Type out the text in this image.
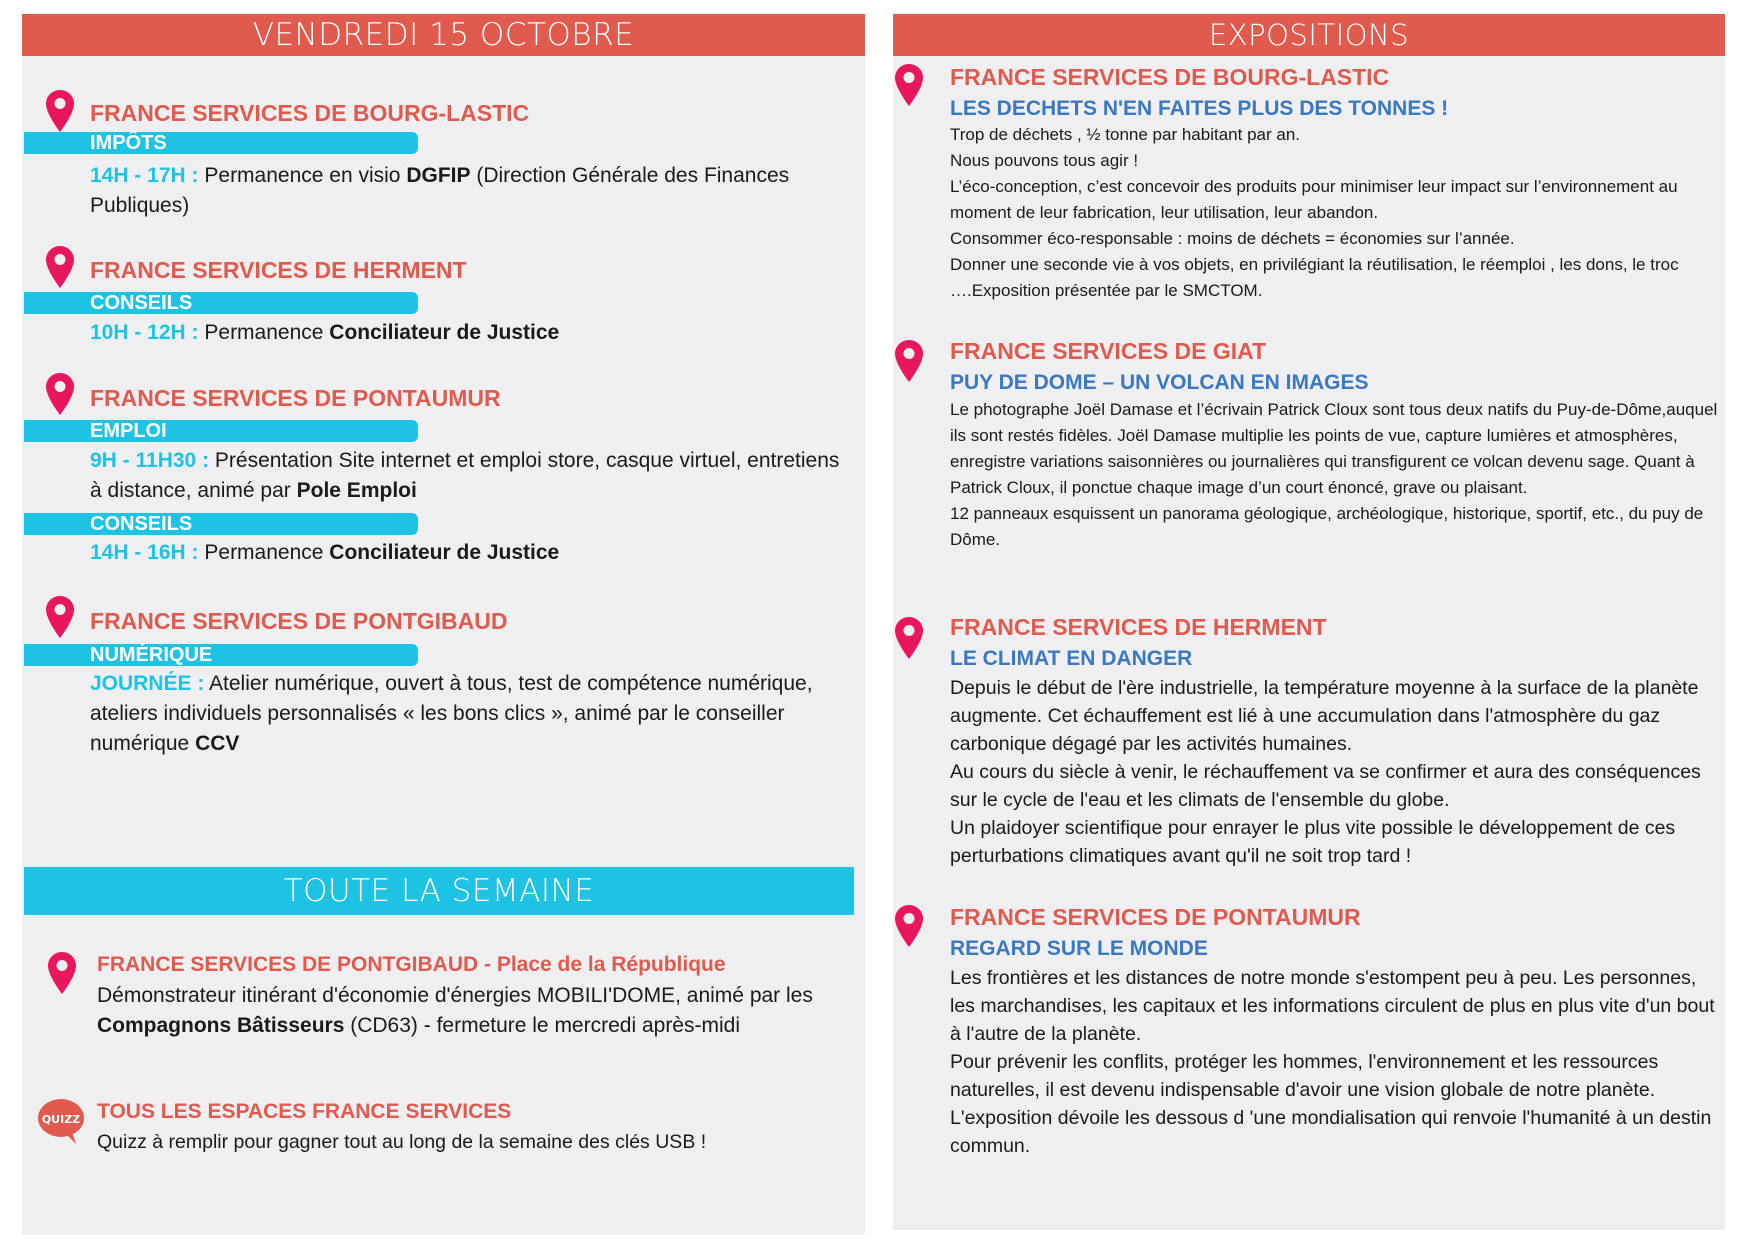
VENDREDI 15 OCTOBRE
FRANCE SERVICES DE BOURG-LASTIC
IMPÔTS
14H - 17H : Permanence en visio DGFIP (Direction Générale des Finances Publiques)
FRANCE SERVICES DE HERMENT
CONSEILS
10H - 12H : Permanence Conciliateur de Justice
FRANCE SERVICES DE PONTAUMUR
EMPLOI
9H - 11H30 : Présentation Site internet et emploi store, casque virtuel, entretiens à distance, animé par Pole Emploi
CONSEILS
14H - 16H : Permanence Conciliateur de Justice
FRANCE SERVICES DE PONTGIBAUD
NUMÉRIQUE
JOURNÉE : Atelier numérique, ouvert à tous, test de compétence numérique, ateliers individuels personnalisés « les bons clics », animé par le conseiller numérique CCV
TOUTE LA SEMAINE
FRANCE SERVICES DE PONTGIBAUD - Place de la République
Démonstrateur itinérant d'économie d'énergies MOBILI'DOME, animé par les Compagnons Bâtisseurs (CD63) - fermeture le mercredi après-midi
QUIZZ TOUS LES ESPACES FRANCE SERVICES
Quizz à remplir pour gagner tout au long de la semaine des clés USB !
EXPOSITIONS
FRANCE SERVICES DE BOURG-LASTIC
LES DECHETS N'EN FAITES PLUS DES TONNES !

Trop de déchets , ½ tonne par habitant par an.

Nous pouvons tous agir !

L’éco-conception, c’est concevoir des produits pour minimiser leur impact sur l’environnement au moment de leur fabrication, leur utilisation, leur abandon.

Consommer éco-responsable : moins de déchets = économies sur l’année.

Donner une seconde vie à vos objets, en privilégiant la réutilisation, le réemploi , les dons, le troc ….Exposition présentée par le SMCTOM.

FRANCE SERVICES DE GIAT
PUY DE DOME – UN VOLCAN EN IMAGES

Le photographe Joël Damase et l’écrivain Patrick Cloux sont tous deux natifs du Puy-de-Dôme,auquel ils sont restés fidèles. Joël Damase multiplie les points de vue, capture lumières et atmosphères, enregistre variations saisonnières ou journalières qui transfigurent ce volcan devenu sage. Quant à Patrick Cloux, il ponctue chaque image d’un court énoncé, grave ou plaisant.

12 panneaux esquissent un panorama géologique, archéologique, historique, sportif, etc., du puy de Dôme.

FRANCE SERVICES DE HERMENT
LE CLIMAT EN DANGER

Depuis le début de l'ère industrielle, la température moyenne à la surface de la planète augmente. Cet échauffement est lié à une accumulation dans l'atmosphère du gaz carbonique dégagé par les activités humaines.

Au cours du siècle à venir, le réchauffement va se confirmer et aura des conséquences sur le cycle de l'eau et les climats de l'ensemble du globe.

Un plaidoyer scientifique pour enrayer le plus vite possible le développement de ces perturbations climatiques avant qu'il ne soit trop tard !

FRANCE SERVICES DE PONTAUMUR
REGARD SUR LE MONDE

Les frontières et les distances de notre monde s'estompent peu à peu. Les personnes, les marchandises, les capitaux et les informations circulent de plus en plus vite d'un bout à l'autre de la planète.

Pour prévenir les conflits, protéger les hommes, l'environnement et les ressources naturelles, il est devenu indispensable d'avoir une vision globale de notre planète.

L'exposition dévoile les dessous d 'une mondialisation qui renvoie l'humanité à un destin commun.
